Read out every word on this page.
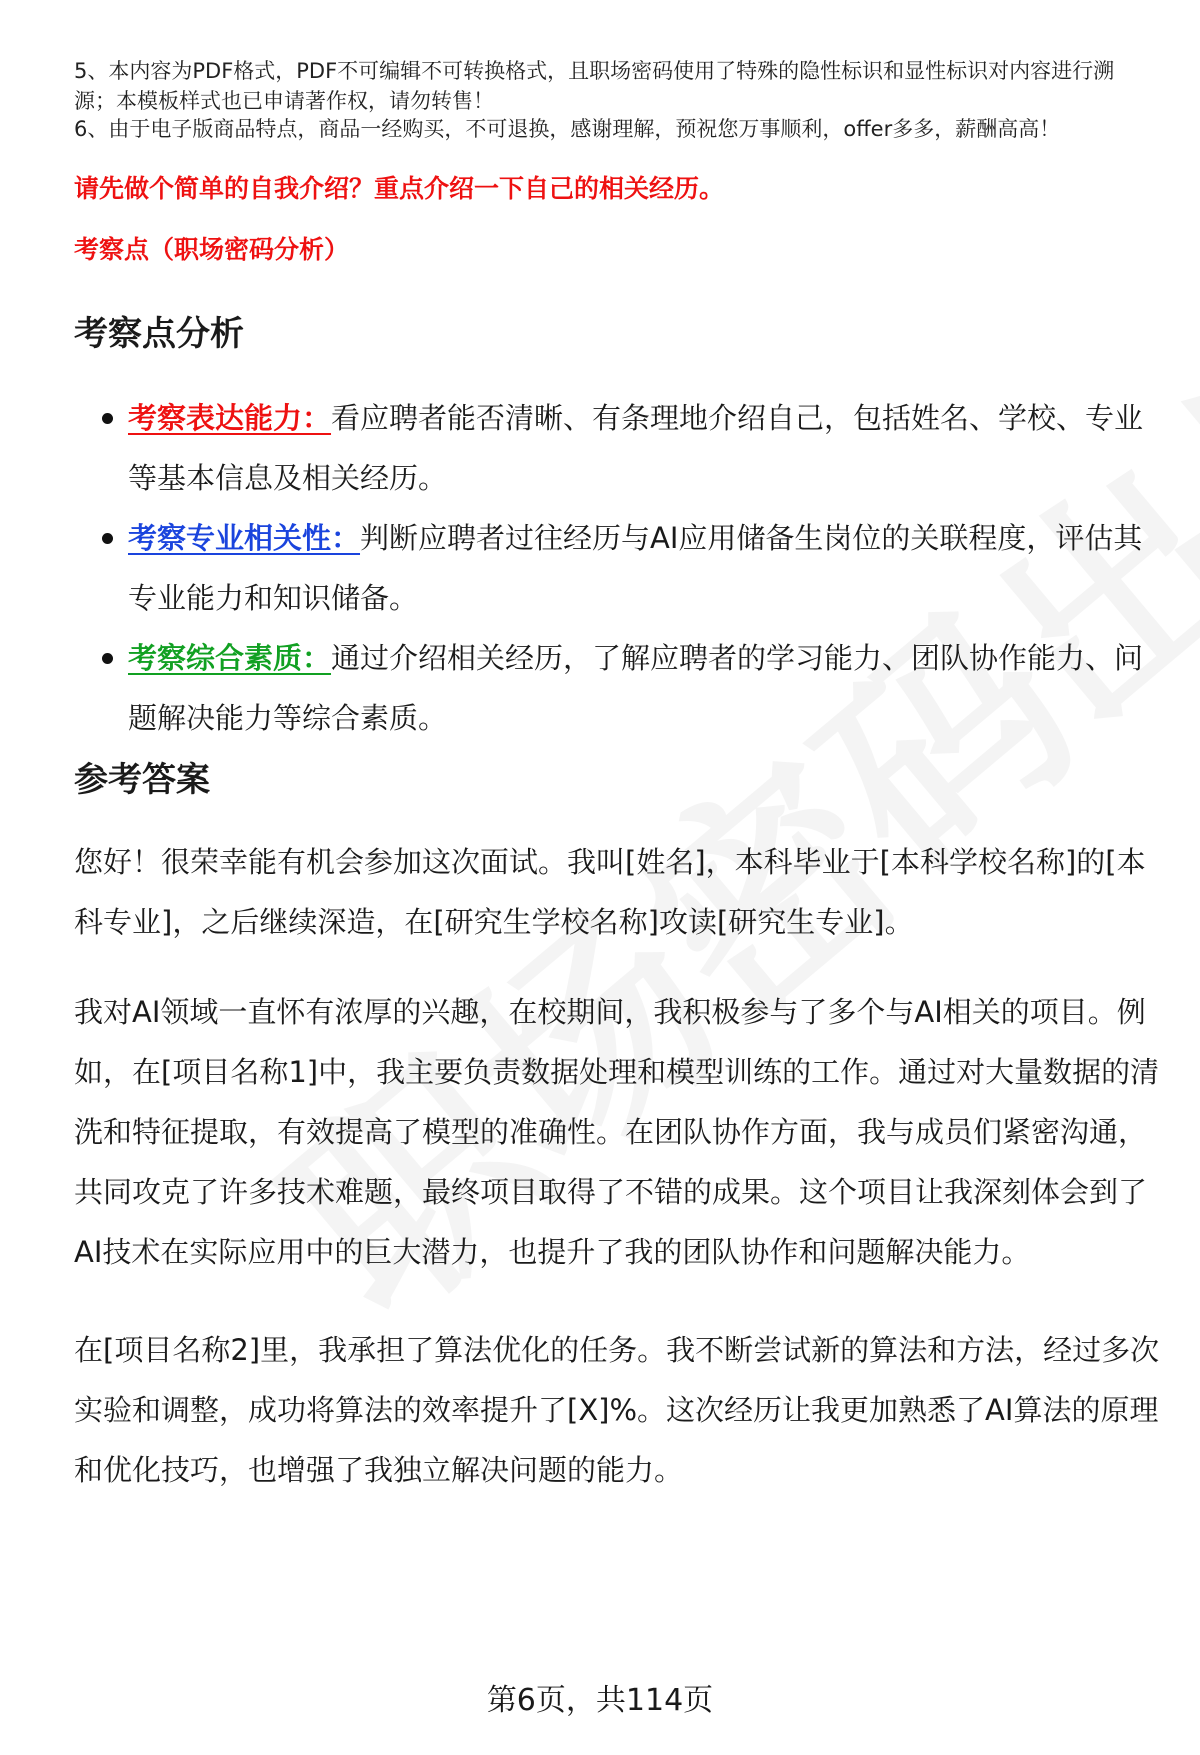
5、本内容为PDF格式，PDF不可编辑不可转换格式，且职场密码使用了特殊的隐性标识和显性标识对内容进行溯源；本模板样式也已申请著作权，请勿转售！

6、由于电子版商品特点，商品一经购买，不可退换，感谢理解，预祝您万事顺利，offer多多，薪酬高高！

请先做个简单的自我介绍？重点介绍一下自己的相关经历。

考察点（职场密码分析）

考察点分析
考察表达能力：看应聘者能否清晰、有条理地介绍自己，包括姓名、学校、专业等基本信息及相关经历。
考察专业相关性：判断应聘者过往经历与AI应用储备生岗位的关联程度，评估其专业能力和知识储备。
考察综合素质：通过介绍相关经历，了解应聘者的学习能力、团队协作能力、问题解决能力等综合素质。
参考答案

您好！很荣幸能有机会参加这次面试。我叫[姓名]，本科毕业于[本科学校名称]的[本科专业]，之后继续深造，在[研究生学校名称]攻读[研究生专业]。

我对AI领域一直怀有浓厚的兴趣，在校期间，我积极参与了多个与AI相关的项目。例如，在[项目名称1]中，我主要负责数据处理和模型训练的工作。通过对大量数据的清洗和特征提取，有效提高了模型的准确性。在团队协作方面，我与成员们紧密沟通，共同攻克了许多技术难题，最终项目取得了不错的成果。这个项目让我深刻体会到了AI技术在实际应用中的巨大潜力，也提升了我的团队协作和问题解决能力。

在[项目名称2]里，我承担了算法优化的任务。我不断尝试新的算法和方法，经过多次实验和调整，成功将算法的效率提升了[X]%。这次经历让我更加熟悉了AI算法的原理和优化技巧，也增强了我独立解决问题的能力。

第6页，共114页
